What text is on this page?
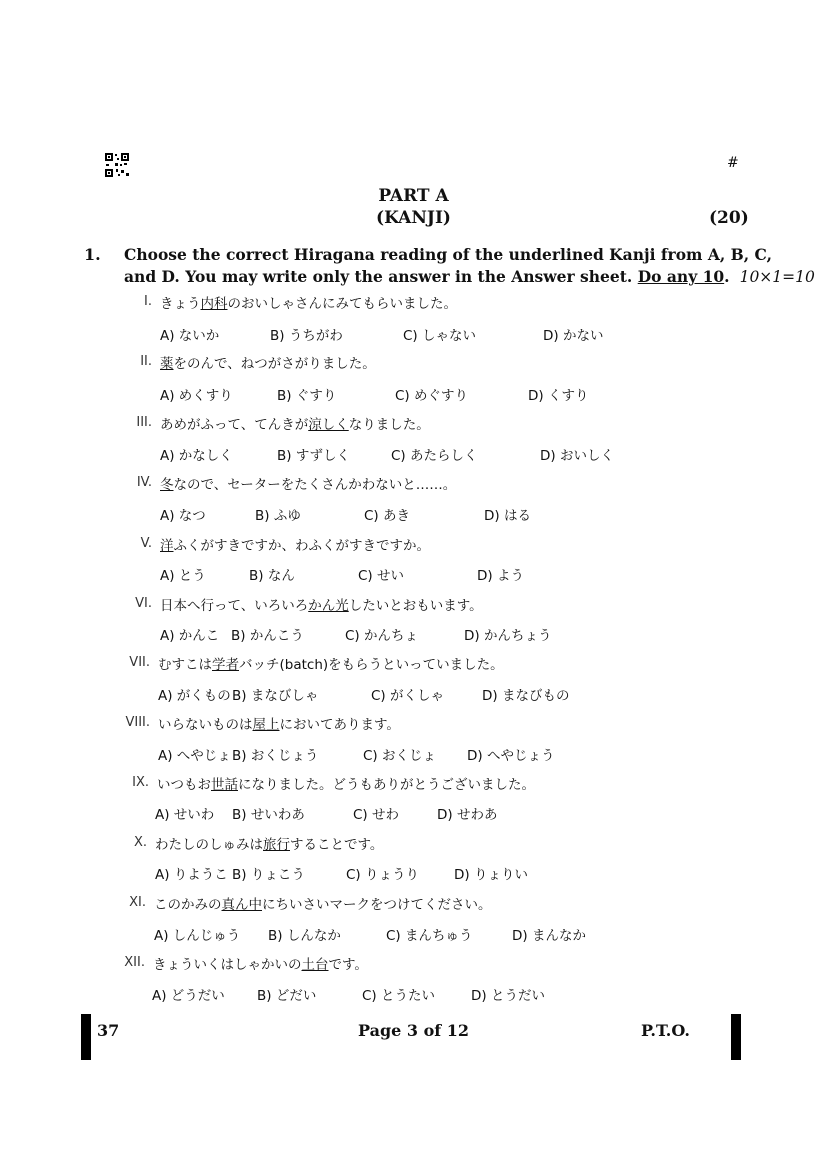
#
PART A
(KANJI)	(20)
1. Choose the correct Hiragana reading of the underlined Kanji from A, B, C,
and D. You may write only the answer in the Answer sheet. Do any 10. 10×1=10
I. きょう内科のおいしゃさんにみてもらいました。
A) ないか	B) うちがわ	C) しゃない	D) かない
II. 薬をのんで、ねつがさがりました。
A) めくすり	B) ぐすり	C) めぐすり	D) くすり
III. あめがふって、てんきが涼しくなりました。
A) かなしく	B) すずしく	C) あたらしく	D) おいしく
IV. 冬なので、セーターをたくさんかわないと……。
A) なつ	B) ふゆ	C) あき	D) はる
V. 洋ふくがすきですか、わふくがすきですか。
A) とう	B) なん	C) せい	D) よう
VI. 日本へ行って、いろいろかん光したいとおもいます。
A) かんこ B) かんこう	C) かんちょ	D) かんちょう
VII. むすこは学者バッチ(batch)をもらうといっていました。
A) がくもの B) まなびしゃ	C) がくしゃ	D) まなびもの
VIII. いらないものは屋上においてあります。
A) へやじょ B) おくじょう	C) おくじょ D) へやじょう
IX. いつもお世話になりました。どうもありがとうございました。
A) せいわ B) せいわあ	C) せわ	D) せわあ
X. わたしのしゅみは旅行することです。
A) りようこ B) りょこう	C) りょうり	D) りょりい
XI. このかみの真ん中にちいさいマークをつけてください。
A) しんじゅう B) しんなか	C) まんちゅう	D) まんなか
XII. きょういくはしゃかいの土台です。
A) どうだい B) どだい	C) とうたい	D) とうだい
37	Page 3 of 12	P.T.O.
